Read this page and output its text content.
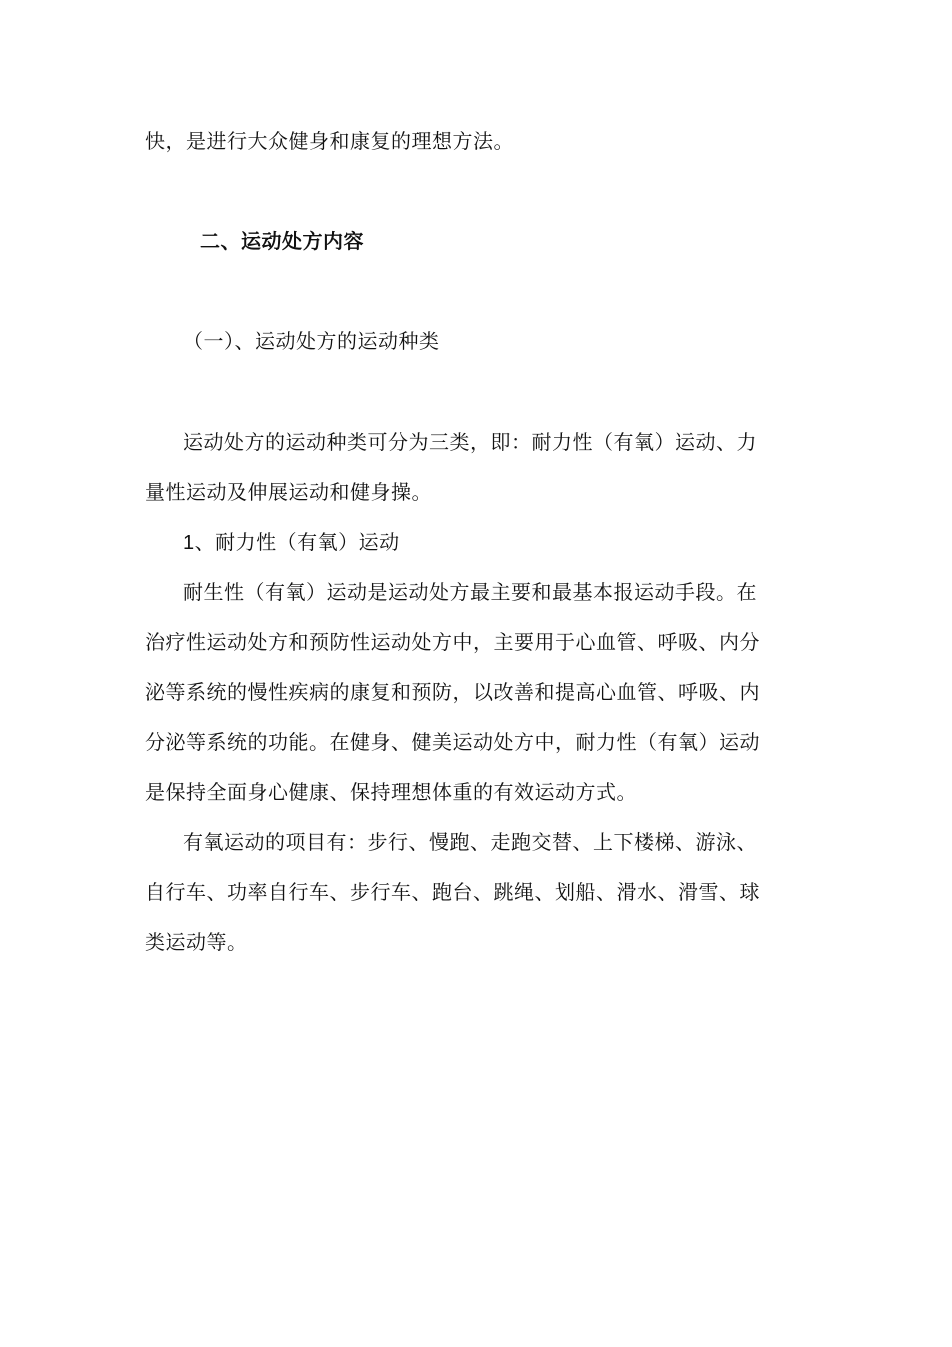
快，是进行大众健身和康复的理想方法。
二、运动处方内容
（一）、运动处方的运动种类
运动处方的运动种类可分为三类，即：耐力性（有氧）运动、力
量性运动及伸展运动和健身操。
1、耐力性（有氧）运动
耐生性（有氧）运动是运动处方最主要和最基本报运动手段。在
治疗性运动处方和预防性运动处方中，主要用于心血管、呼吸、内分
泌等系统的慢性疾病的康复和预防，以改善和提高心血管、呼吸、内
分泌等系统的功能。在健身、健美运动处方中，耐力性（有氧）运动
是保持全面身心健康、保持理想体重的有效运动方式。
有氧运动的项目有：步行、慢跑、走跑交替、上下楼梯、游泳、
自行车、功率自行车、步行车、跑台、跳绳、划船、滑水、滑雪、球
类运动等。
